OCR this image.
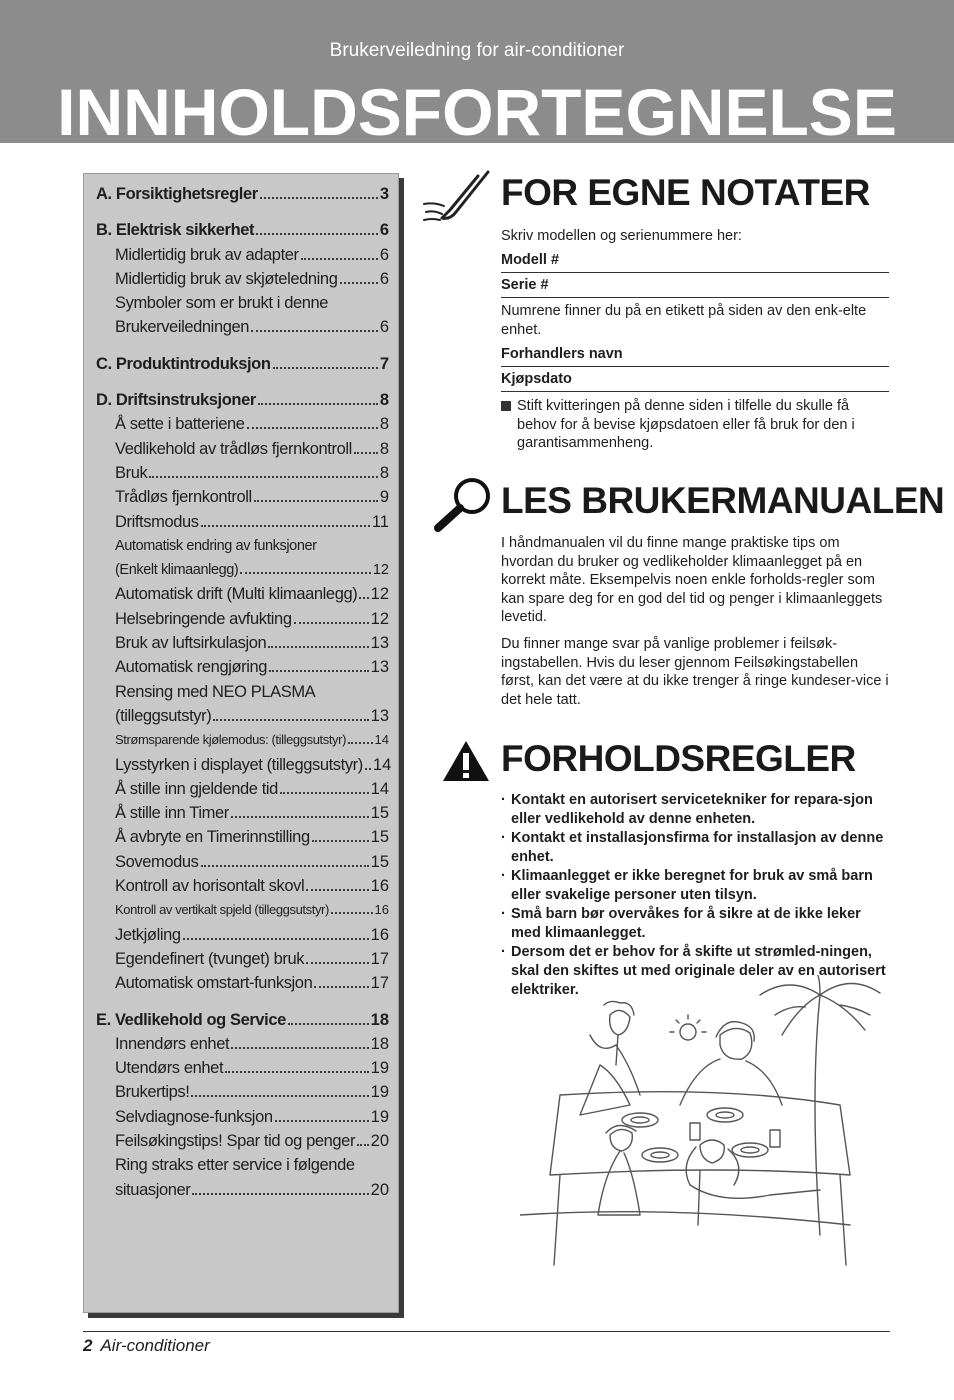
Brukerveiledning for air-conditioner
INNHOLDSFORTEGNELSE
A. Forsiktighetsregler	3
B. Elektrisk sikkerhet	6
Midlertidig bruk av adapter	6
Midlertidig bruk av skjøteledning	6
Symboler som er brukt i denne
Brukerveiledningen	6
C. Produktintroduksjon	7
D. Driftsinstruksjoner	8
Å sette i batteriene	8
Vedlikehold av trådløs fjernkontroll 8
Bruk	8
Trådløs fjernkontroll	9
Driftsmodus	11
Automatisk endring av funksjoner
(Enkelt klimaanlegg)	12
Automatisk drift (Multi klimaanlegg) 12
Helsebringende avfukting	12
Bruk av luftsirkulasjon	13
Automatisk rengjøring	13
Rensing med NEO PLASMA
(tilleggsutstyr)	13
Strømsparende kjølemodus: (tilleggsutstyr) 14
Lysstyrken i displayet (tilleggsutstyr) 14
Å stille inn gjeldende tid	14
Å stille inn Timer	15
Å avbryte en Timerinnstilling	15
Sovemodus	15
Kontroll av horisontalt skovl	16
Kontroll av vertikalt spjeld (tilleggsutstyr)	16
Jetkjøling	16
Egendefinert (tvunget) bruk	17
Automatisk omstart-funksjon	17
E. Vedlikehold og Service	18
Innendørs enhet	18
Utendørs enhet	19
Brukertips!	19
Selvdiagnose-funksjon	19
Feilsøkingstips! Spar tid og penger 20
Ring straks etter service i følgende
situasjoner	20
FOR EGNE NOTATER
Skriv modellen og serienummere her:
Modell #
Serie #
Numrene finner du på en etikett på siden av den enk-elte enhet.
Forhandlers navn
Kjøpsdato
Stift kvitteringen på denne siden i tilfelle du skulle få behov for å bevise kjøpsdatoen eller få bruk for den i garantisammenheng.
LES BRUKERMANUALEN
I håndmanualen vil du finne mange praktiske tips om hvordan du bruker og vedlikeholder klimaanlegget på en korrekt måte. Eksempelvis noen enkle forholds-regler som kan spare deg for en god del tid og penger i klimaanleggets levetid.
Du finner mange svar på vanlige problemer i feilsøk-ingstabellen. Hvis du leser gjennom Feilsøkingstabellen først, kan det være at du ikke trenger å ringe kundeser-vice i det hele tatt.
FORHOLDSREGLER
· Kontakt en autorisert servicetekniker for repara-sjon eller vedlikehold av denne enheten.
· Kontakt et installasjonsfirma for installasjon av denne enhet.
· Klimaanlegget er ikke beregnet for bruk av små barn eller svakelige personer uten tilsyn.
· Små barn bør overvåkes for å sikre at de ikke leker med klimaanlegget.
· Dersom det er behov for å skifte ut strømled-ningen, skal den skiftes ut med originale deler av en autorisert elektriker.
2 Air-conditioner
